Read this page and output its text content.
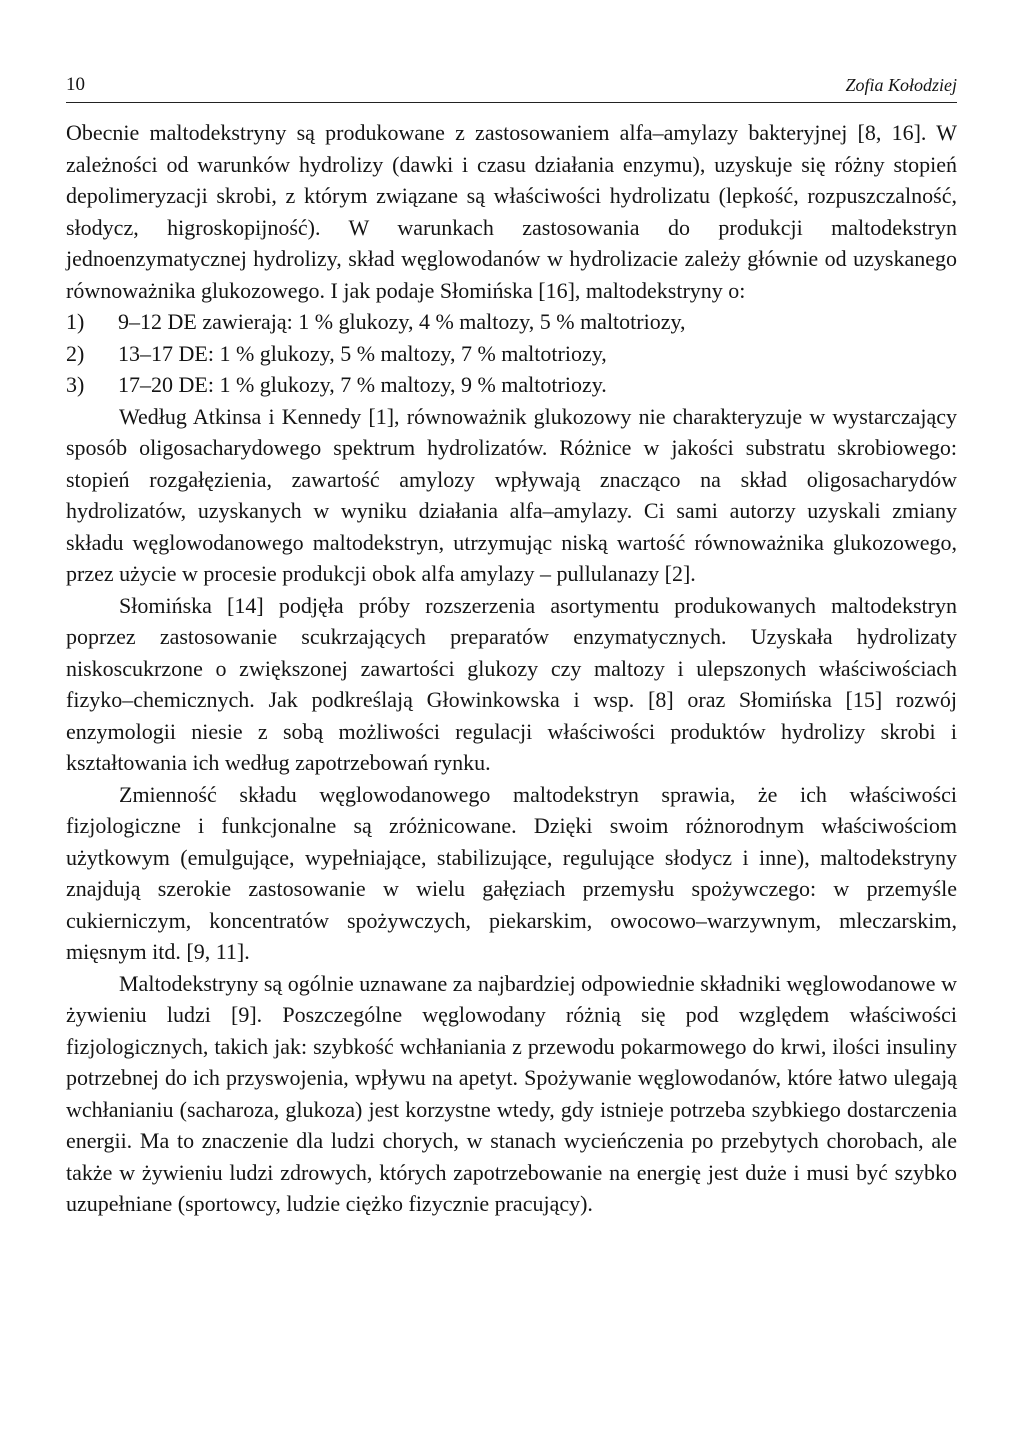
10	Zofia Kołodziej

Obecnie maltodekstryny są produkowane z zastosowaniem alfa–amylazy bakteryjnej [8, 16]. W zależności od warunków hydrolizy (dawki i czasu działania enzymu), uzyskuje się różny stopień depolimeryzacji skrobi, z którym związane są właściwości hydrolizatu (lepkość, rozpuszczalność, słodycz, higroskopijność). W warunkach zastosowania do produkcji maltodekstryn jednoenzymatycznej hydrolizy, skład węglowodanów w hydrolizacie zależy głównie od uzyskanego równoważnika glukozowego. I jak podaje Słomińska [16], maltodekstryny o:

1)	9–12 DE zawierają: 1 % glukozy, 4 % maltozy, 5 % maltotriozy,
2)	13–17 DE: 1 % glukozy, 5 % maltozy, 7 % maltotriozy,
3)	17–20 DE: 1 % glukozy, 7 % maltozy, 9 % maltotriozy.

Według Atkinsa i Kennedy [1], równoważnik glukozowy nie charakteryzuje w wystarczający sposób oligosacharydowego spektrum hydrolizatów. Różnice w jakości substratu skrobiowego: stopień rozgałęzienia, zawartość amylozy wpływają znacząco na skład oligosacharydów hydrolizatów, uzyskanych w wyniku działania alfa–amylazy. Ci sami autorzy uzyskali zmiany składu węglowodanowego maltodekstryn, utrzymując niską wartość równoważnika glukozowego, przez użycie w procesie produkcji obok alfa amylazy – pullulanazy [2].

Słomińska [14] podjęła próby rozszerzenia asortymentu produkowanych maltodekstryn poprzez zastosowanie scukrzających preparatów enzymatycznych. Uzyskała hydrolizaty niskoscukrzone o zwiększonej zawartości glukozy czy maltozy i ulepszonych właściwościach fizyko–chemicznych. Jak podkreślają Głowinkowska i wsp. [8] oraz Słomińska [15] rozwój enzymologii niesie z sobą możliwości regulacji właściwości produktów hydrolizy skrobi i kształtowania ich według zapotrzebowań rynku.

Zmienność składu węglowodanowego maltodekstryn sprawia, że ich właściwości fizjologiczne i funkcjonalne są zróżnicowane. Dzięki swoim różnorodnym właściwościom użytkowym (emulgujące, wypełniające, stabilizujące, regulujące słodycz i inne), maltodekstryny znajdują szerokie zastosowanie w wielu gałęziach przemysłu spożywczego: w przemyśle cukierniczym, koncentratów spożywczych, piekarskim, owocowo–warzywnym, mleczarskim, mięsnym itd. [9, 11].

Maltodekstryny są ogólnie uznawane za najbardziej odpowiednie składniki węglowodanowe w żywieniu ludzi [9]. Poszczególne węglowodany różnią się pod względem właściwości fizjologicznych, takich jak: szybkość wchłaniania z przewodu pokarmowego do krwi, ilości insuliny potrzebnej do ich przyswojenia, wpływu na apetyt. Spożywanie węglowodanów, które łatwo ulegają wchłanianiu (sacharoza, glukoza) jest korzystne wtedy, gdy istnieje potrzeba szybkiego dostarczenia energii. Ma to znaczenie dla ludzi chorych, w stanach wycieńczenia po przebytych chorobach, ale także w żywieniu ludzi zdrowych, których zapotrzebowanie na energię jest duże i musi być szybko uzupełniane (sportowcy, ludzie ciężko fizycznie pracujący).
